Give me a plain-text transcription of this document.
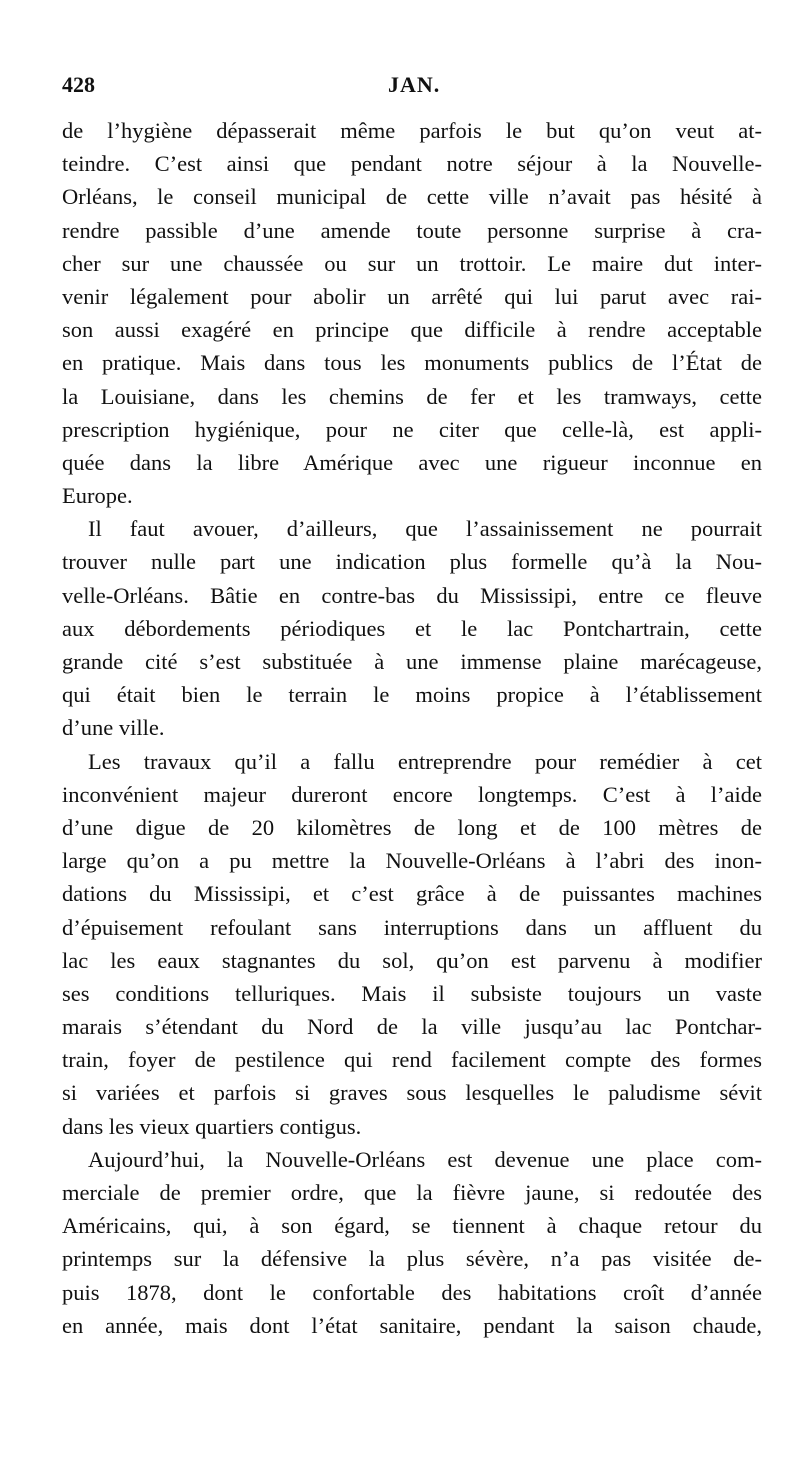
428	JAN.
de l’hygiène dépasserait même parfois le but qu’on veut at-
teindre. C’est ainsi que pendant notre séjour à la Nouvelle-
Orléans, le conseil municipal de cette ville n’avait pas hésité à
rendre passible d’une amende toute personne surprise à cra-
cher sur une chaussée ou sur un trottoir. Le maire dut inter-
venir légalement pour abolir un arrêté qui lui parut avec rai-
son aussi exagéré en principe que difficile à rendre acceptable
en pratique. Mais dans tous les monuments publics de l’État de
la Louisiane, dans les chemins de fer et les tramways, cette
prescription hygiénique, pour ne citer que celle-là, est appli-
quée dans la libre Amérique avec une rigueur inconnue en
Europe.
Il faut avouer, d’ailleurs, que l’assainissement ne pourrait
trouver nulle part une indication plus formelle qu’à la Nou-
velle-Orléans. Bâtie en contre-bas du Mississipi, entre ce fleuve
aux débordements périodiques et le lac Pontchartrain, cette
grande cité s’est substituée à une immense plaine marécageuse,
qui était bien le terrain le moins propice à l’établissement
d’une ville.
Les travaux qu’il a fallu entreprendre pour remédier à cet
inconvénient majeur dureront encore longtemps. C’est à l’aide
d’une digue de 20 kilomètres de long et de 100 mètres de
large qu’on a pu mettre la Nouvelle-Orléans à l’abri des inon-
dations du Mississipi, et c’est grâce à de puissantes machines
d’épuisement refoulant sans interruptions dans un affluent du
lac les eaux stagnantes du sol, qu’on est parvenu à modifier
ses conditions telluriques. Mais il subsiste toujours un vaste
marais s’étendant du Nord de la ville jusqu’au lac Pontchar-
train, foyer de pestilence qui rend facilement compte des formes
si variées et parfois si graves sous lesquelles le paludisme sévit
dans les vieux quartiers contigus.
Aujourd’hui, la Nouvelle-Orléans est devenue une place com-
merciale de premier ordre, que la fièvre jaune, si redoutée des
Américains, qui, à son égard, se tiennent à chaque retour du
printemps sur la défensive la plus sévère, n’a pas visitée de-
puis 1878, dont le confortable des habitations croît d’année
en année, mais dont l’état sanitaire, pendant la saison chaude,
